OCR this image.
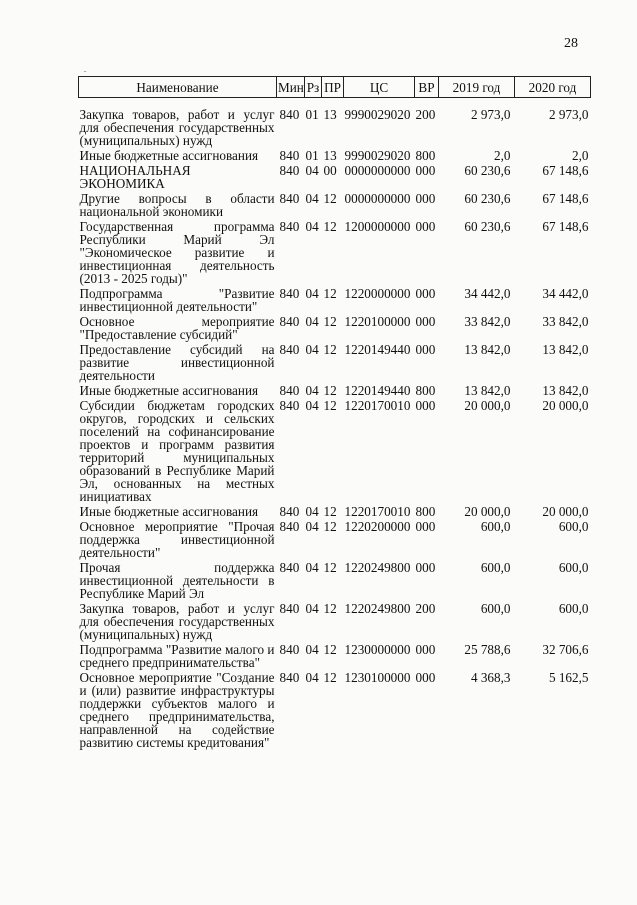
28
˝
Наименование	Мин	Рз	ПР	ЦС	ВР	2019 год	2020 год
Закупка товаров, работ и услуг для обеспечения государственных (муниципальных) нужд	840	01	13	9990029020	200	2 973,0	2 973,0
Иные бюджетные ассигнования	840	01	13	9990029020	800	2,0	2,0
НАЦИОНАЛЬНАЯ ЭКОНОМИКА	840	04	00	0000000000	000	60 230,6	67 148,6
Другие вопросы в области национальной экономики	840	04	12	0000000000	000	60 230,6	67 148,6
Государственная программа Республики Марий Эл "Экономическое развитие и инвестиционная деятельность (2013 - 2025 годы)"	840	04	12	1200000000	000	60 230,6	67 148,6
Подпрограмма "Развитие инвестиционной деятельности"	840	04	12	1220000000	000	34 442,0	34 442,0
Основное мероприятие "Предоставление субсидий"	840	04	12	1220100000	000	33 842,0	33 842,0
Предоставление субсидий на развитие инвестиционной деятельности	840	04	12	1220149440	000	13 842,0	13 842,0
Иные бюджетные ассигнования	840	04	12	1220149440	800	13 842,0	13 842,0
Субсидии бюджетам городских округов, городских и сельских поселений на софинансирование проектов и программ развития территорий муниципальных образований в Республике Марий Эл, основанных на местных инициативах	840	04	12	1220170010	000	20 000,0	20 000,0
Иные бюджетные ассигнования	840	04	12	1220170010	800	20 000,0	20 000,0
Основное мероприятие "Прочая поддержка инвестиционной деятельности"	840	04	12	1220200000	000	600,0	600,0
Прочая поддержка инвестиционной деятельности в Республике Марий Эл	840	04	12	1220249800	000	600,0	600,0
Закупка товаров, работ и услуг для обеспечения государственных (муниципальных) нужд	840	04	12	1220249800	200	600,0	600,0
Подпрограмма "Развитие малого и среднего предпринимательства"	840	04	12	1230000000	000	25 788,6	32 706,6
Основное мероприятие "Создание и (или) развитие инфраструктуры поддержки субъектов малого и среднего предпринимательства, направленной на содействие развитию системы кредитования"	840	04	12	1230100000	000	4 368,3	5 162,5
